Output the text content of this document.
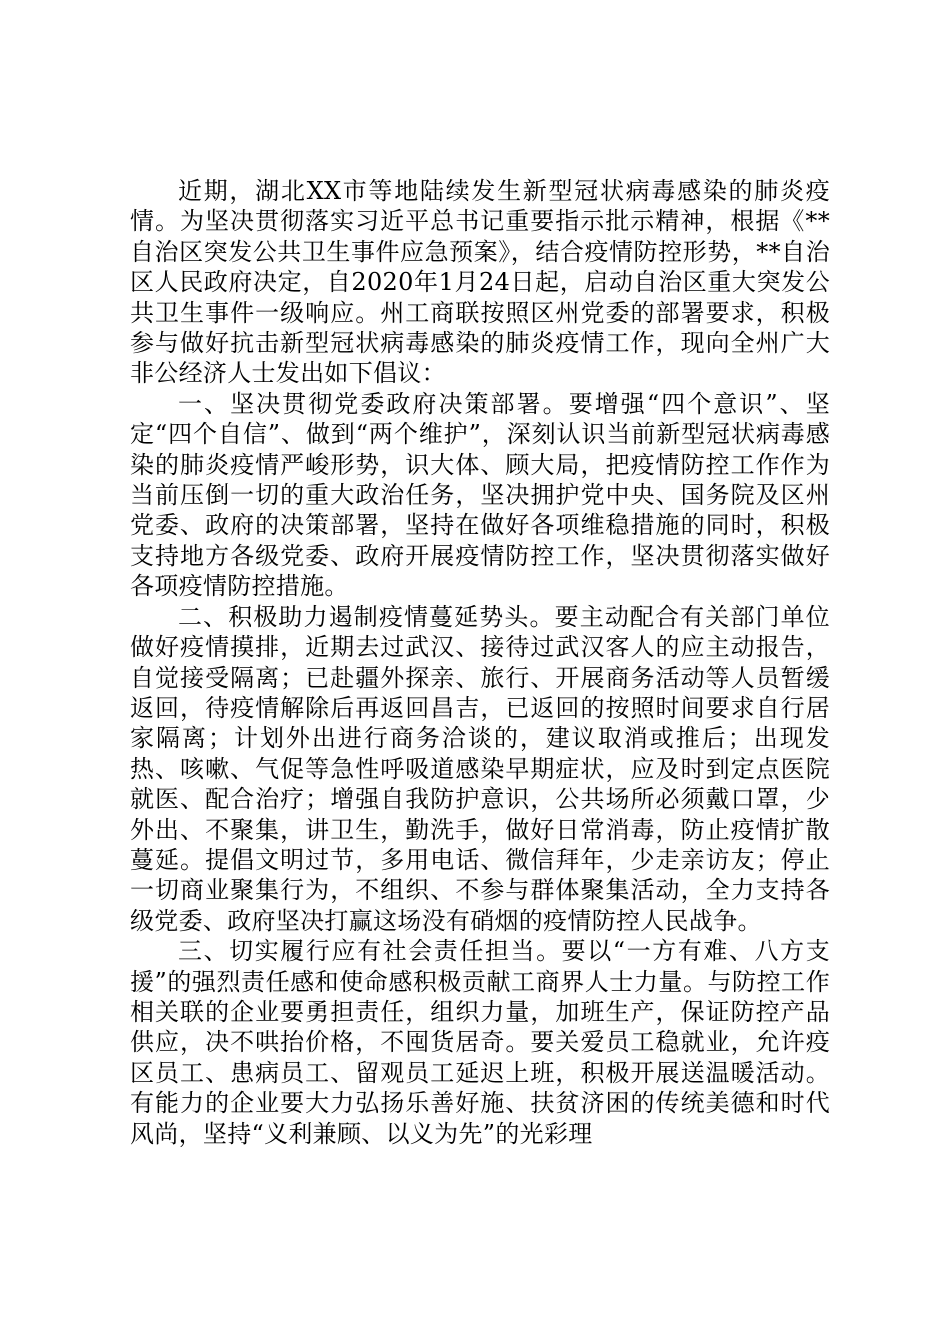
近期，湖北XX市等地陆续发生新型冠状病毒感染的肺炎疫情。为坚决贯彻落实习近平总书记重要指示批示精神，根据《**自治区突发公共卫生事件应急预案》，结合疫情防控形势，**自治区人民政府决定，自2020年1月24日起，启动自治区重大突发公共卫生事件一级响应。州工商联按照区州党委的部署要求，积极参与做好抗击新型冠状病毒感染的肺炎疫情工作，现向全州广大非公经济人士发出如下倡议：

一、坚决贯彻党委政府决策部署。要增强“四个意识”、坚定“四个自信”、做到“两个维护”，深刻认识当前新型冠状病毒感染的肺炎疫情严峻形势，识大体、顾大局，把疫情防控工作作为当前压倒一切的重大政治任务，坚决拥护党中央、国务院及区州党委、政府的决策部署，坚持在做好各项维稳措施的同时，积极支持地方各级党委、政府开展疫情防控工作，坚决贯彻落实做好各项疫情防控措施。

二、积极助力遏制疫情蔓延势头。要主动配合有关部门单位做好疫情摸排，近期去过武汉、接待过武汉客人的应主动报告，自觉接受隔离；已赴疆外探亲、旅行、开展商务活动等人员暂缓返回，待疫情解除后再返回昌吉，已返回的按照时间要求自行居家隔离；计划外出进行商务洽谈的，建议取消或推后；出现发热、咳嗽、气促等急性呼吸道感染早期症状，应及时到定点医院就医、配合治疗；增强自我防护意识，公共场所必须戴口罩，少外出、不聚集，讲卫生，勤洗手，做好日常消毒，防止疫情扩散蔓延。提倡文明过节，多用电话、微信拜年，少走亲访友；停止一切商业聚集行为，不组织、不参与群体聚集活动，全力支持各级党委、政府坚决打赢这场没有硝烟的疫情防控人民战争。

三、切实履行应有社会责任担当。要以“一方有难、八方支援”的强烈责任感和使命感积极贡献工商界人士力量。与防控工作相关联的企业要勇担责任，组织力量，加班生产，保证防控产品供应，决不哄抬价格，不囤货居奇。要关爱员工稳就业，允许疫区员工、患病员工、留观员工延迟上班，积极开展送温暖活动。有能力的企业要大力弘扬乐善好施、扶贫济困的传统美德和时代风尚，坚持“义利兼顾、以义为先”的光彩理
